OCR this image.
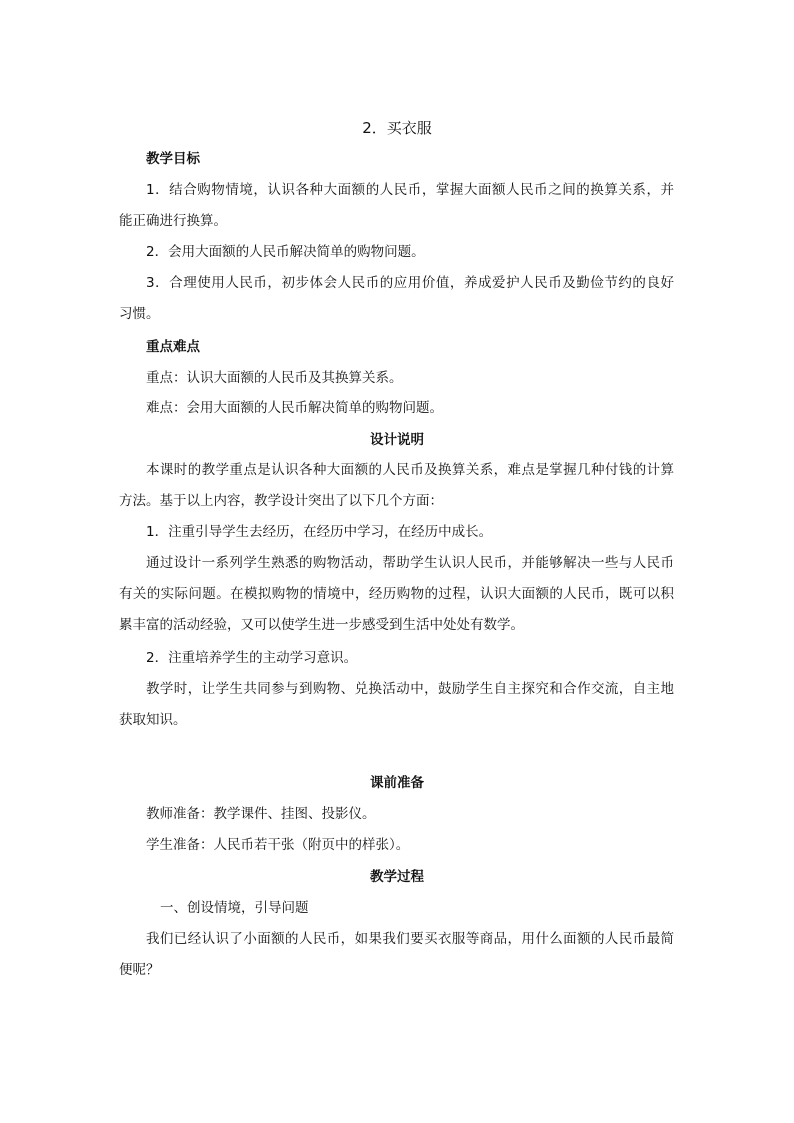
2．买衣服
教学目标
1．结合购物情境，认识各种大面额的人民币，掌握大面额人民币之间的换算关系，并
能正确进行换算。
2．会用大面额的人民币解决简单的购物问题。
3．合理使用人民币，初步体会人民币的应用价值，养成爱护人民币及勤俭节约的良好
习惯。
重点难点
重点：认识大面额的人民币及其换算关系。
难点：会用大面额的人民币解决简单的购物问题。
设计说明
本课时的教学重点是认识各种大面额的人民币及换算关系，难点是掌握几种付钱的计算
方法。基于以上内容，教学设计突出了以下几个方面：
1．注重引导学生去经历，在经历中学习，在经历中成长。
通过设计一系列学生熟悉的购物活动，帮助学生认识人民币，并能够解决一些与人民币
有关的实际问题。在模拟购物的情境中，经历购物的过程，认识大面额的人民币，既可以积
累丰富的活动经验，又可以使学生进一步感受到生活中处处有数学。
2．注重培养学生的主动学习意识。
教学时，让学生共同参与到购物、兑换活动中，鼓励学生自主探究和合作交流，自主地
获取知识。
课前准备
教师准备：教学课件、挂图、投影仪。
学生准备：人民币若干张（附页中的样张）。
教学过程
一、创设情境，引导问题
我们已经认识了小面额的人民币，如果我们要买衣服等商品，用什么面额的人民币最简
便呢？
